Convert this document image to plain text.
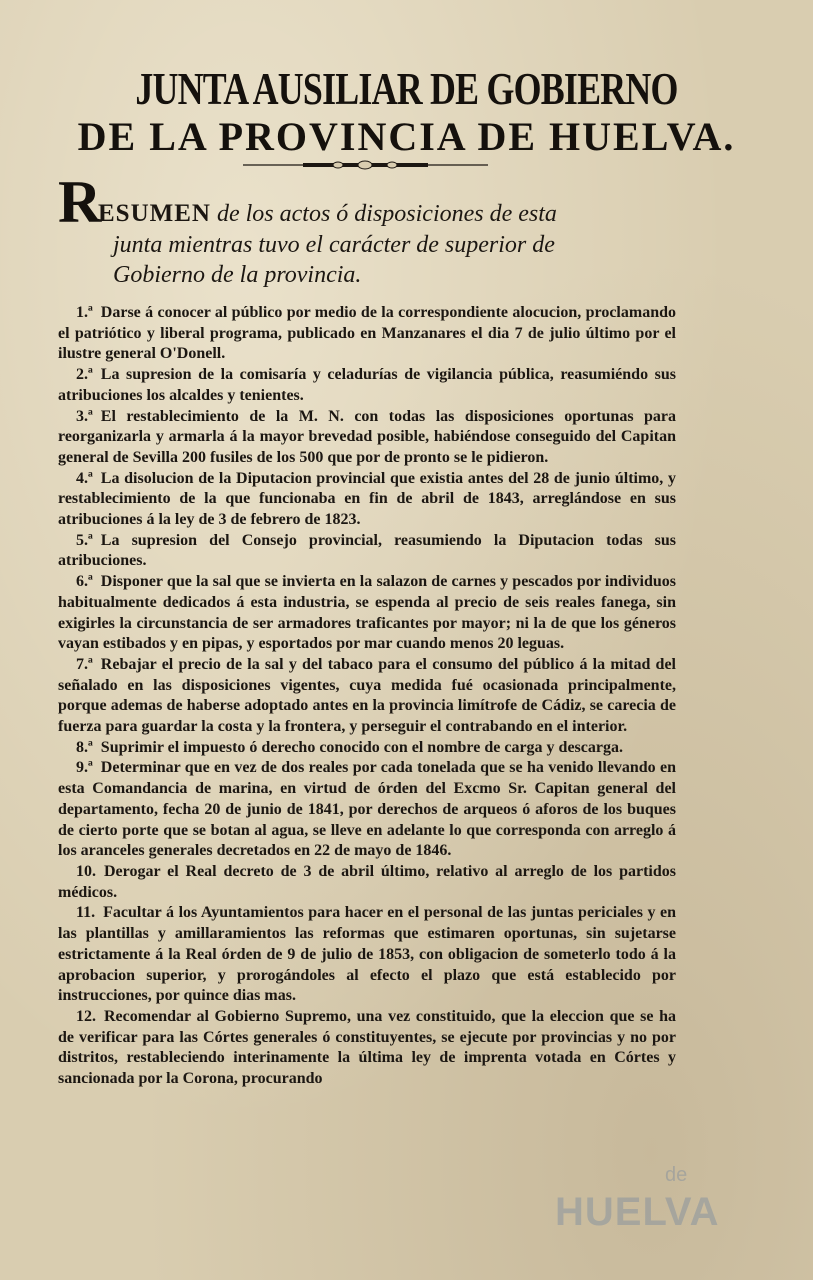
JUNTA AUSILIAR DE GOBIERNO
DE LA PROVINCIA DE HUELVA.
R
ESUMEN de los actos ó disposiciones de esta
junta mientras tuvo el carácter de superior de
Gobierno de la provincia.

1.ª Darse á conocer al público por medio de la correspondiente alocucion, proclamando el patriótico y liberal programa, publicado en Manzanares el dia 7 de julio último por el ilustre general O'Donell.

2.ª La supresion de la comisaría y celadurías de vigilancia pública, reasumiéndo sus atribuciones los alcaldes y tenientes.

3.ª El restablecimiento de la M. N. con todas las disposiciones oportunas para reorganizarla y armarla á la mayor brevedad posible, habiéndose conseguido del Capitan general de Sevilla 200 fusiles de los 500 que por de pronto se le pidieron.

4.ª La disolucion de la Diputacion provincial que existia antes del 28 de junio último, y restablecimiento de la que funcionaba en fin de abril de 1843, arreglándose en sus atribuciones á la ley de 3 de febrero de 1823.

5.ª La supresion del Consejo provincial, reasumiendo la Diputacion todas sus atribuciones.

6.ª Disponer que la sal que se invierta en la salazon de carnes y pescados por individuos habitualmente dedicados á esta industria, se espenda al precio de seis reales fanega, sin exigirles la circunstancia de ser armadores traficantes por mayor; ni la de que los géneros vayan estibados y en pipas, y esportados por mar cuando menos 20 leguas.

7.ª Rebajar el precio de la sal y del tabaco para el consumo del público á la mitad del señalado en las disposiciones vigentes, cuya medida fué ocasionada principalmente, porque ademas de haberse adoptado antes en la provincia limítrofe de Cádiz, se carecia de fuerza para guardar la costa y la frontera, y perseguir el contrabando en el interior.

8.ª Suprimir el impuesto ó derecho conocido con el nombre de carga y descarga.

9.ª Determinar que en vez de dos reales por cada tonelada que se ha venido llevando en esta Comandancia de marina, en virtud de órden del Excmo Sr. Capitan general del departamento, fecha 20 de junio de 1841, por derechos de arqueos ó aforos de los buques de cierto porte que se botan al agua, se lleve en adelante lo que corresponda con arreglo á los aranceles generales decretados en 22 de mayo de 1846.

10. Derogar el Real decreto de 3 de abril último, relativo al arreglo de los partidos médicos.

11. Facultar á los Ayuntamientos para hacer en el personal de las juntas periciales y en las plantillas y amillaramientos las reformas que estimaren oportunas, sin sujetarse estrictamente á la Real órden de 9 de julio de 1853, con obligacion de someterlo todo á la aprobacion superior, y prorogándoles al efecto el plazo que está establecido por instrucciones, por quince dias mas.

12. Recomendar al Gobierno Supremo, una vez constituido, que la eleccion que se ha de verificar para las Córtes generales ó constituyentes, se ejecute por provincias y no por distritos, restableciendo interinamente la última ley de imprenta votada en Córtes y sancionada por la Corona, procurando

de
HUELVA
